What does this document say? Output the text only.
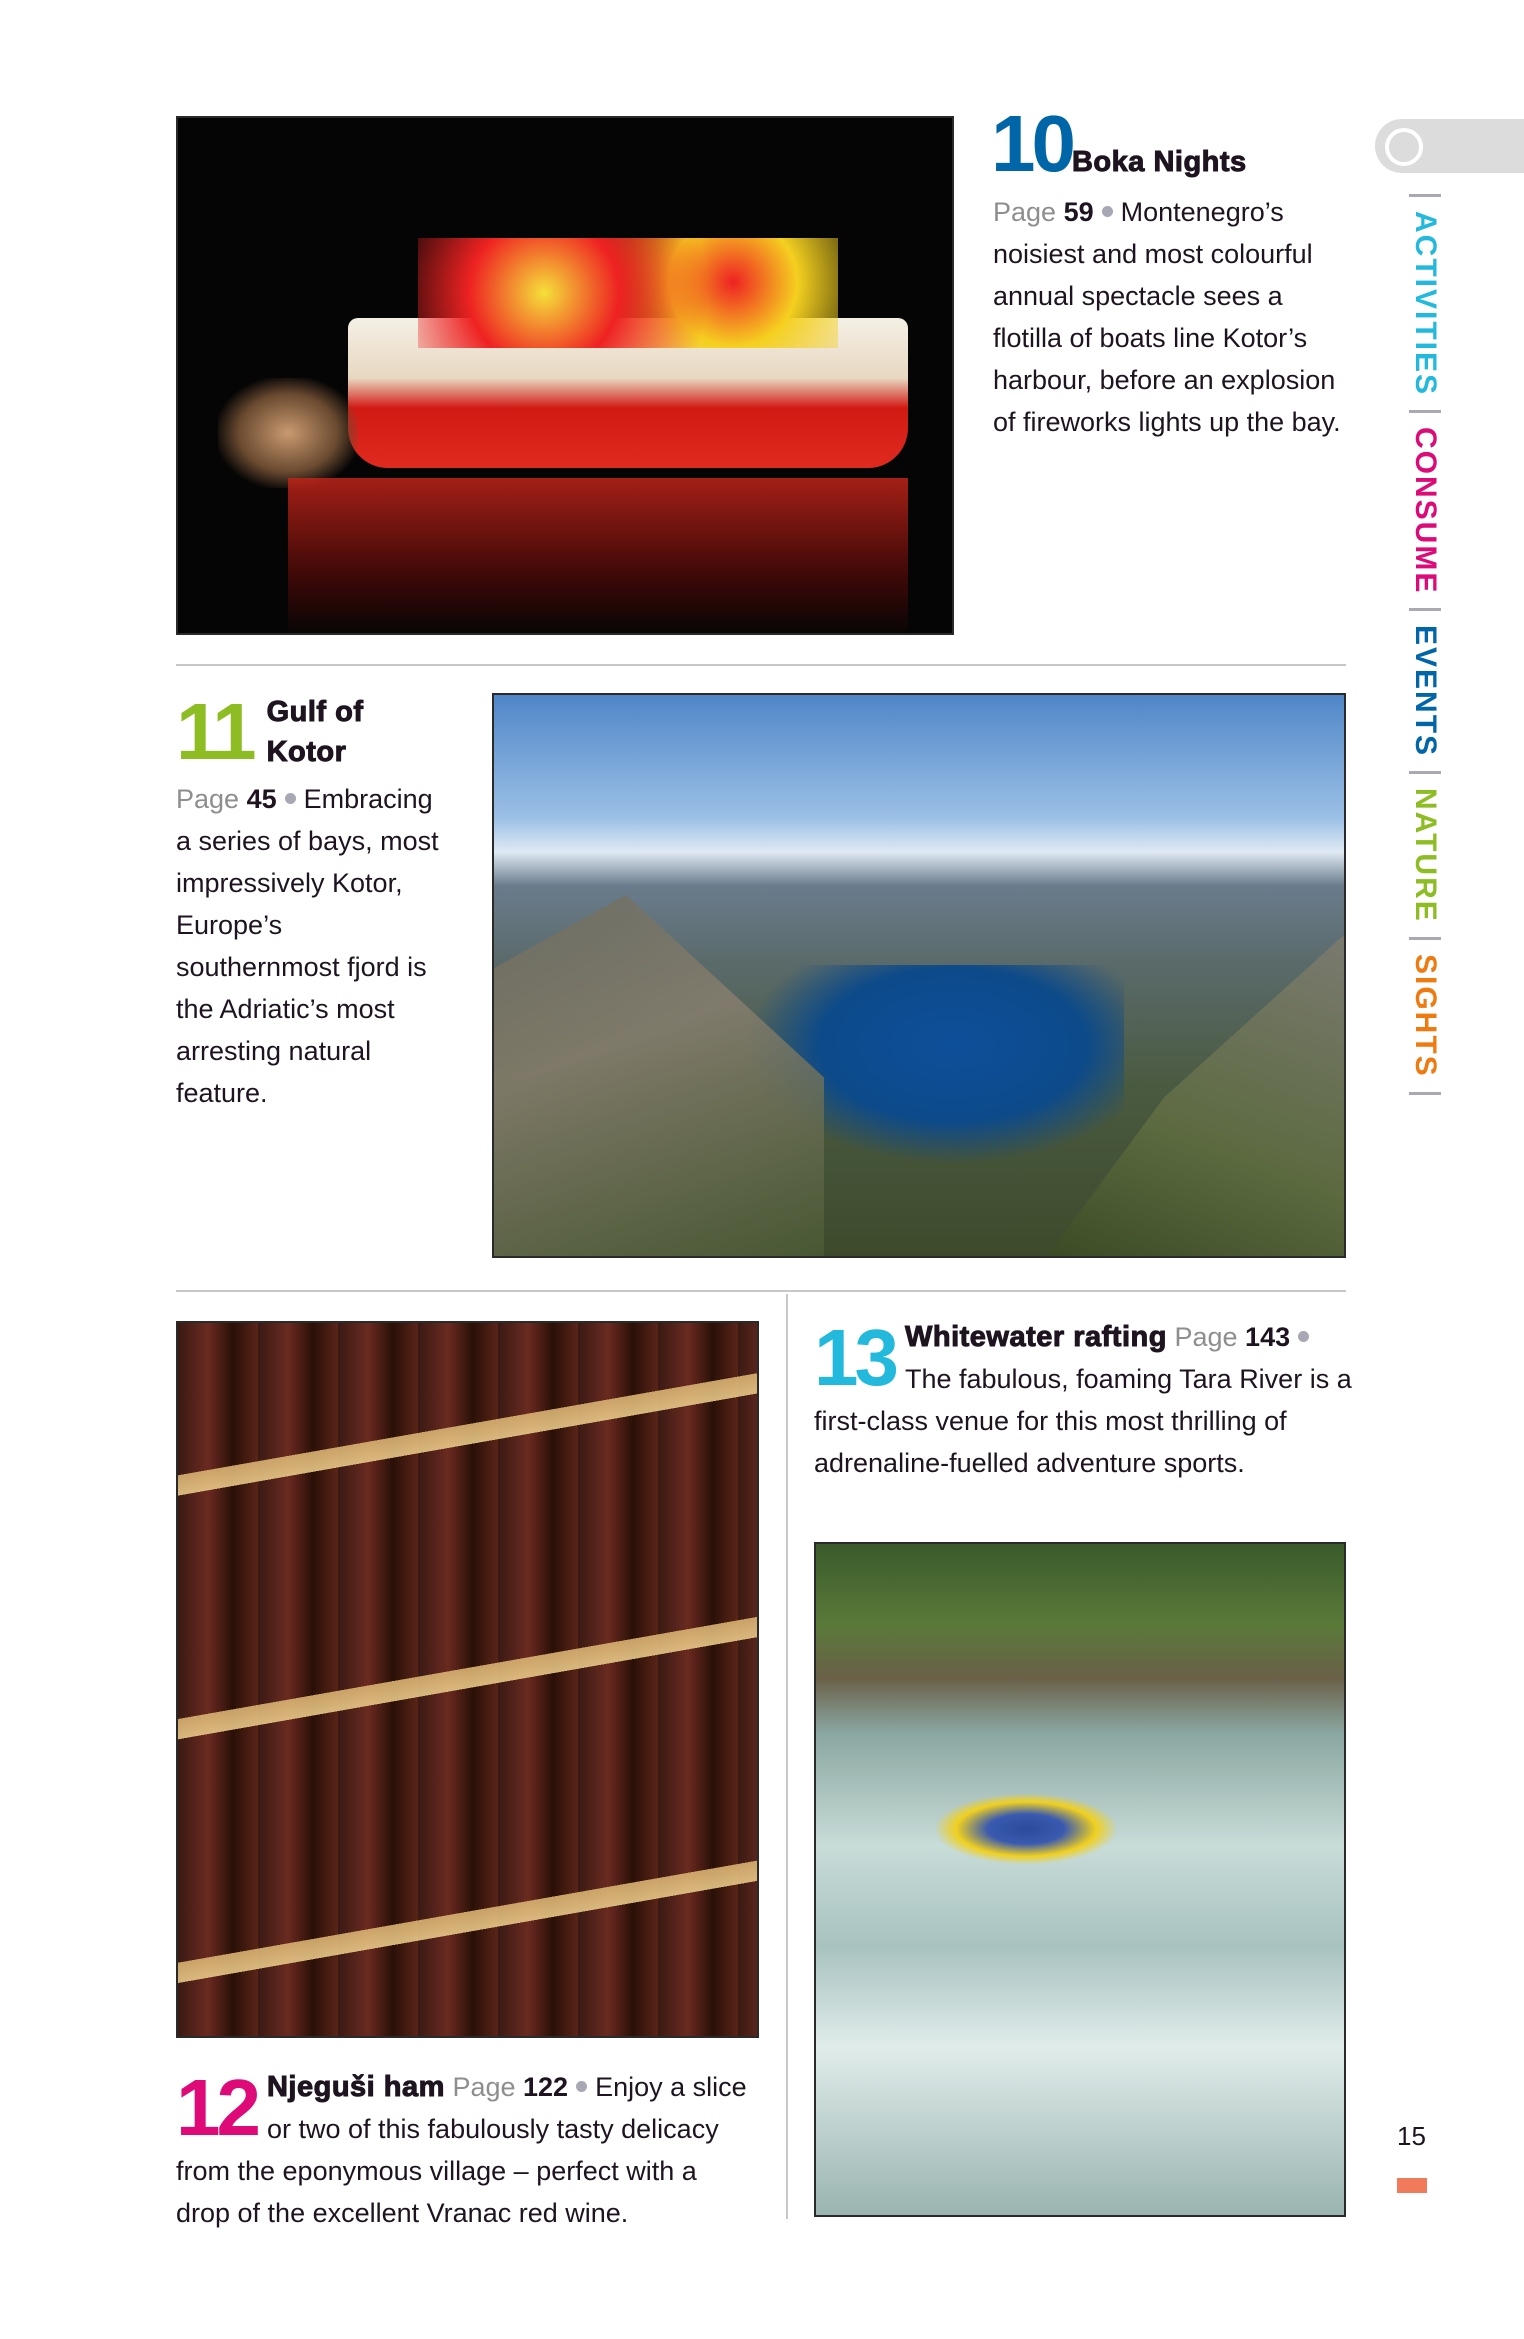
ACTIVITIES
CONSUME
EVENTS
NATURE
SIGHTS
10 Boka Nights
Page 59 Montenegro’s noisiest and most colourful annual spectacle sees a flotilla of boats line Kotor’s harbour, before an explosion of fireworks lights up the bay.
11 Gulf of Kotor
Page 45 Embracing a series of bays, most impressively Kotor, Europe’s southernmost fjord is the Adriatic’s most arresting natural feature.
12 Njeguši ham Page 122 Enjoy a slice or two of this fabulously tasty delicacy from the eponymous village – perfect with a drop of the excellent Vranac red wine.
13 Whitewater rafting Page 143The fabulous, foaming Tara River is a first-class venue for this most thrilling of adrenaline-fuelled adventure sports.
15
